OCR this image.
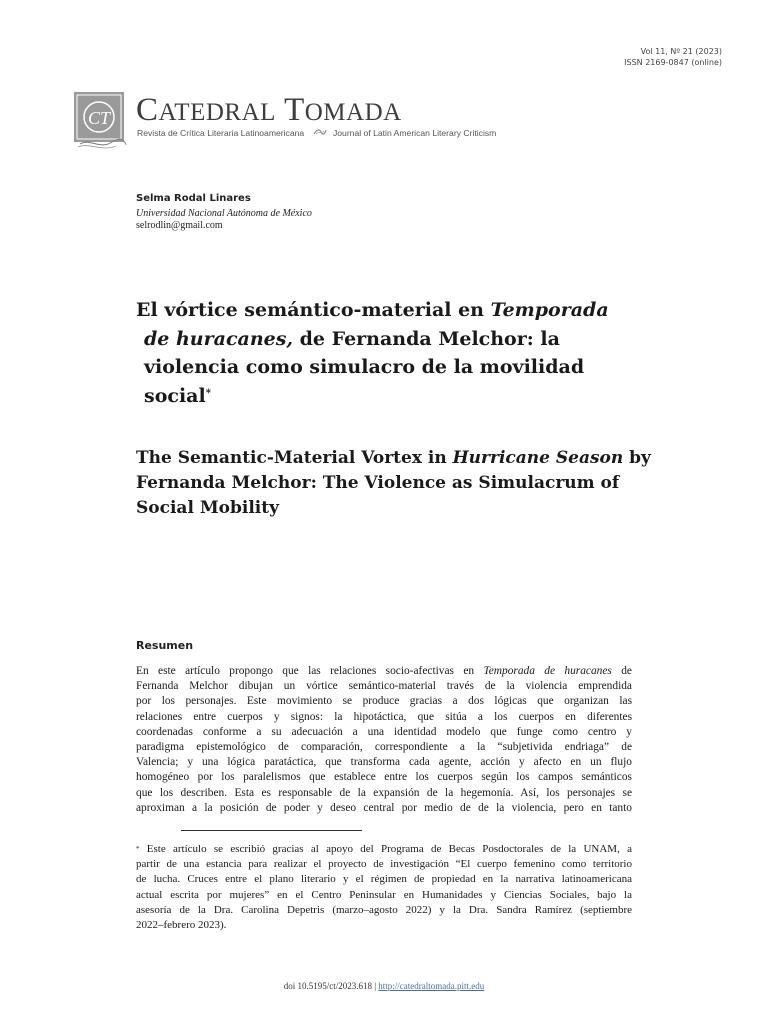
Vol 11, Nº 21 (2023)
ISSN 2169-0847 (online)
CT CATEDRAL TOMADA
Revista de Crítica Literaria Latinoamericana	Journal of Latin American Literary Criticism
Selma Rodal Linares
Universidad Nacional Autónoma de México
selrodlin@gmail.com
El vórtice semántico-material en Temporada
de huracanes, de Fernanda Melchor: la
violencia como simulacro de la movilidad
social*
The Semantic-Material Vortex in Hurricane Season by
Fernanda Melchor: The Violence as Simulacrum of
Social Mobility
Resumen
En este artículo propongo que las relaciones socio-afectivas en Temporada de huracanes de
Fernanda Melchor dibujan un vórtice semántico-material través de la violencia emprendida
por los personajes. Este movimiento se produce gracias a dos lógicas que organizan las
relaciones entre cuerpos y signos: la hipotáctica, que sitúa a los cuerpos en diferentes
coordenadas conforme a su adecuación a una identidad modelo que funge como centro y
paradigma epistemológico de comparación, correspondiente a la “subjetivida endriaga” de
Valencia; y una lógica paratáctica, que transforma cada agente, acción y afecto en un flujo
homogéneo por los paralelismos que establece entre los cuerpos según los campos semánticos
que los describen. Esta es responsable de la expansión de la hegemonía. Así, los personajes se
aproximan a la posición de poder y deseo central por medio de de la violencia, pero en tanto
* Este artículo se escribió gracias al apoyo del Programa de Becas Posdoctorales de la UNAM, a
partir de una estancia para realizar el proyecto de investigación “El cuerpo femenino como territorio
de lucha. Cruces entre el plano literario y el régimen de propiedad en la narrativa latinoamericana
actual escrita por mujeres” en el Centro Peninsular en Humanidades y Ciencias Sociales, bajo la
asesoría de la Dra. Carolina Depetris (marzo–agosto 2022) y la Dra. Sandra Ramírez (septiembre
2022–febrero 2023).
doi 10.5195/ct/2023.618 | http://catedraltomada.pitt.edu
